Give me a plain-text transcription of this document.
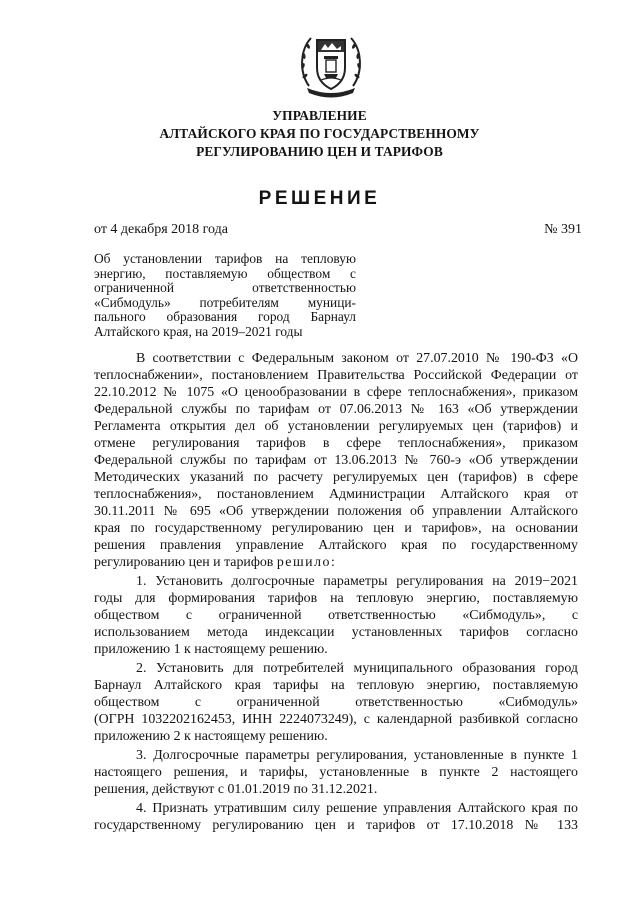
УПРАВЛЕНИЕ
АЛТАЙСКОГО КРАЯ ПО ГОСУДАРСТВЕННОМУ
РЕГУЛИРОВАНИЮ ЦЕН И ТАРИФОВ
РЕШЕНИЕ
от 4 декабря 2018 года	№ 391
Об установлении тарифов на тепловую
энергию, поставляемую обществом с
ограниченной ответственностью
«Сибмодуль» потребителям муници-
пального образования город Барнаул
Алтайского края, на 2019–2021 годы
В соответствии с Федеральным законом от 27.07.2010 № 190-ФЗ «О
теплоснабжении», постановлением Правительства Российской Федерации от
22.10.2012 № 1075 «О ценообразовании в сфере теплоснабжения», приказом
Федеральной службы по тарифам от 07.06.2013 № 163 «Об утверждении
Регламента открытия дел об установлении регулируемых цен (тарифов) и
отмене регулирования тарифов в сфере теплоснабжения», приказом
Федеральной службы по тарифам от 13.06.2013 № 760-э «Об утверждении
Методических указаний по расчету регулируемых цен (тарифов) в сфере
теплоснабжения», постановлением Администрации Алтайского края от
30.11.2011 № 695 «Об утверждении положения об управлении Алтайского
края по государственному регулированию цен и тарифов», на основании
решения правления управление Алтайского края по государственному
регулированию цен и тарифов решило:
1. Установить долгосрочные параметры регулирования на 2019−2021
годы для формирования тарифов на тепловую энергию, поставляемую
обществом с ограниченной ответственностью «Сибмодуль», с
использованием метода индексации установленных тарифов согласно
приложению 1 к настоящему решению.
2. Установить для потребителей муниципального образования город
Барнаул Алтайского края тарифы на тепловую энергию, поставляемую
обществом с ограниченной ответственностью «Сибмодуль»
(ОГРН 1032202162453, ИНН 2224073249), с календарной разбивкой согласно
приложению 2 к настоящему решению.
3. Долгосрочные параметры регулирования, установленные в пункте 1
настоящего решения, и тарифы, установленные в пункте 2 настоящего
решения, действуют с 01.01.2019 по 31.12.2021.
4. Признать утратившим силу решение управления Алтайского края по
государственному регулированию цен и тарифов от 17.10.2018 № 133
